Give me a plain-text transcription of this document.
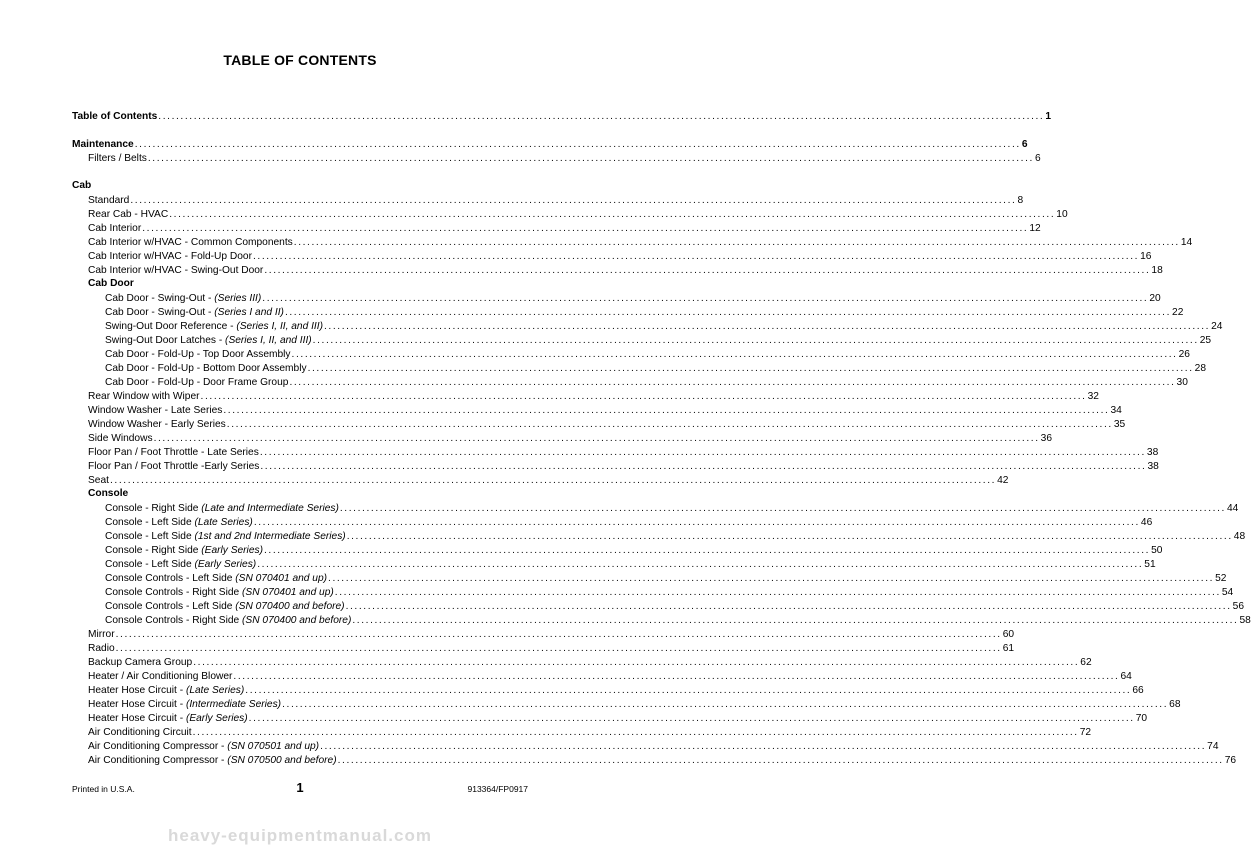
TABLE OF CONTENTS
Table of Contents ........................................................................................................................................................................................................ 1
Maintenance ........................................................................................................................................................................................................ 6
Filters / Belts ........................................................................................................................................................................................................ 6
Cab
Standard ........................................................................................................................................................................................................ 8
Rear Cab - HVAC ........................................................................................................................................................................................................ 10
Cab Interior ........................................................................................................................................................................................................ 12
Cab Interior w/HVAC - Common Components ........................................................................................................................................................................................................ 14
Cab Interior w/HVAC - Fold-Up Door ........................................................................................................................................................................................................ 16
Cab Interior w/HVAC - Swing-Out Door ........................................................................................................................................................................................................ 18
Cab Door
Cab Door - Swing-Out - (Series III) ........................................................................................................................................................................................................ 20
Cab Door - Swing-Out - (Series I and II) ........................................................................................................................................................................................................ 22
Swing-Out Door Reference - (Series I, II, and III) ........................................................................................................................................................................................................ 24
Swing-Out Door Latches - (Series I, II, and III) ........................................................................................................................................................................................................ 25
Cab Door - Fold-Up - Top Door Assembly ........................................................................................................................................................................................................ 26
Cab Door - Fold-Up - Bottom Door Assembly ........................................................................................................................................................................................................ 28
Cab Door - Fold-Up - Door Frame Group ........................................................................................................................................................................................................ 30
Rear Window with Wiper ........................................................................................................................................................................................................ 32
Window Washer - Late Series ........................................................................................................................................................................................................ 34
Window Washer - Early Series ........................................................................................................................................................................................................ 35
Side Windows ........................................................................................................................................................................................................ 36
Floor Pan / Foot Throttle - Late Series ........................................................................................................................................................................................................ 38
Floor Pan / Foot Throttle -Early Series ........................................................................................................................................................................................................ 38
Seat ........................................................................................................................................................................................................ 42
Console
Console - Right Side (Late and Intermediate Series) ........................................................................................................................................................................................................ 44
Console - Left Side (Late Series) ........................................................................................................................................................................................................ 46
Console - Left Side (1st and 2nd Intermediate Series) ........................................................................................................................................................................................................ 48
Console - Right Side (Early Series) ........................................................................................................................................................................................................ 50
Console - Left Side (Early Series) ........................................................................................................................................................................................................ 51
Console Controls - Left Side (SN 070401 and up) ........................................................................................................................................................................................................ 52
Console Controls - Right Side (SN 070401 and up) ........................................................................................................................................................................................................ 54
Console Controls - Left Side (SN 070400 and before) ........................................................................................................................................................................................................ 56
Console Controls - Right Side (SN 070400 and before) ........................................................................................................................................................................................................ 58
Mirror ........................................................................................................................................................................................................ 60
Radio ........................................................................................................................................................................................................ 61
Backup Camera Group ........................................................................................................................................................................................................ 62
Heater / Air Conditioning Blower ........................................................................................................................................................................................................ 64
Heater Hose Circuit - (Late Series) ........................................................................................................................................................................................................ 66
Heater Hose Circuit - (Intermediate Series) ........................................................................................................................................................................................................ 68
Heater Hose Circuit - (Early Series) ........................................................................................................................................................................................................ 70
Air Conditioning Circuit ........................................................................................................................................................................................................ 72
Air Conditioning Compressor - (SN 070501 and up) ........................................................................................................................................................................................................ 74
Air Conditioning Compressor - (SN 070500 and before) ........................................................................................................................................................................................................ 76
Printed in U.S.A.	1	913364/FP0917
heavy-equipmentmanual.com
